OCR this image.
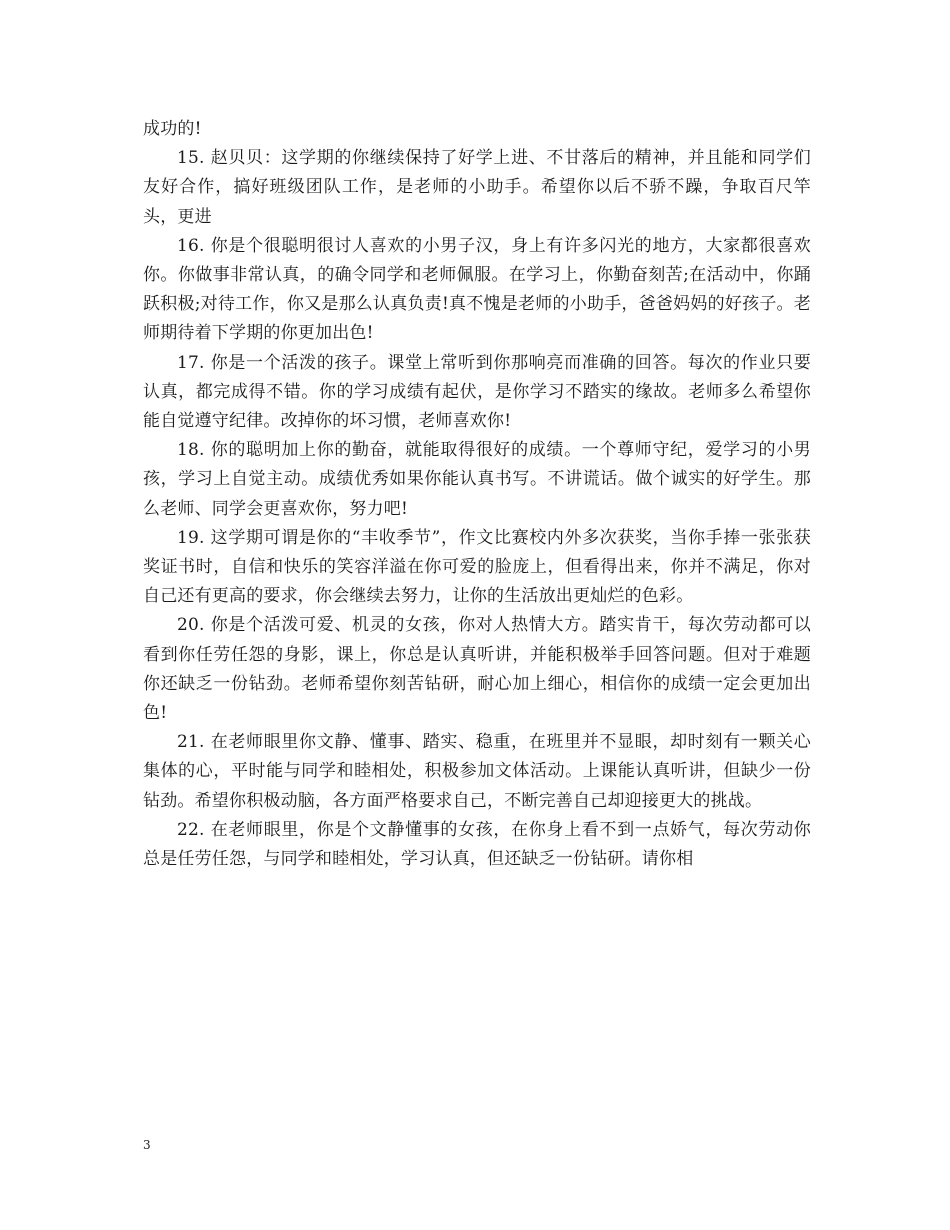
成功的!

15. 赵贝贝：这学期的你继续保持了好学上进、不甘落后的精神，并且能和同学们友好合作，搞好班级团队工作，是老师的小助手。希望你以后不骄不躁，争取百尺竿头，更进

16. 你是个很聪明很讨人喜欢的小男子汉，身上有许多闪光的地方，大家都很喜欢你。你做事非常认真，的确令同学和老师佩服。在学习上，你勤奋刻苦;在活动中，你踊跃积极;对待工作，你又是那么认真负责!真不愧是老师的小助手，爸爸妈妈的好孩子。老师期待着下学期的你更加出色!

17. 你是一个活泼的孩子。课堂上常听到你那响亮而准确的回答。每次的作业只要认真，都完成得不错。你的学习成绩有起伏，是你学习不踏实的缘故。老师多么希望你能自觉遵守纪律。改掉你的坏习惯，老师喜欢你!

18. 你的聪明加上你的勤奋，就能取得很好的成绩。一个尊师守纪，爱学习的小男孩，学习上自觉主动。成绩优秀如果你能认真书写。不讲谎话。做个诚实的好学生。那么老师、同学会更喜欢你，努力吧!

19. 这学期可谓是你的“丰收季节”，作文比赛校内外多次获奖，当你手捧一张张获奖证书时，自信和快乐的笑容洋溢在你可爱的脸庞上，但看得出来，你并不满足，你对自己还有更高的要求，你会继续去努力，让你的生活放出更灿烂的色彩。

20. 你是个活泼可爱、机灵的女孩，你对人热情大方。踏实肯干，每次劳动都可以看到你任劳任怨的身影，课上，你总是认真听讲，并能积极举手回答问题。但对于难题你还缺乏一份钻劲。老师希望你刻苦钻研，耐心加上细心，相信你的成绩一定会更加出色!

21. 在老师眼里你文静、懂事、踏实、稳重，在班里并不显眼，却时刻有一颗关心集体的心，平时能与同学和睦相处，积极参加文体活动。上课能认真听讲，但缺少一份钻劲。希望你积极动脑，各方面严格要求自己，不断完善自己却迎接更大的挑战。

22. 在老师眼里，你是个文静懂事的女孩，在你身上看不到一点娇气，每次劳动你总是任劳任怨，与同学和睦相处，学习认真，但还缺乏一份钻研。请你相

3
